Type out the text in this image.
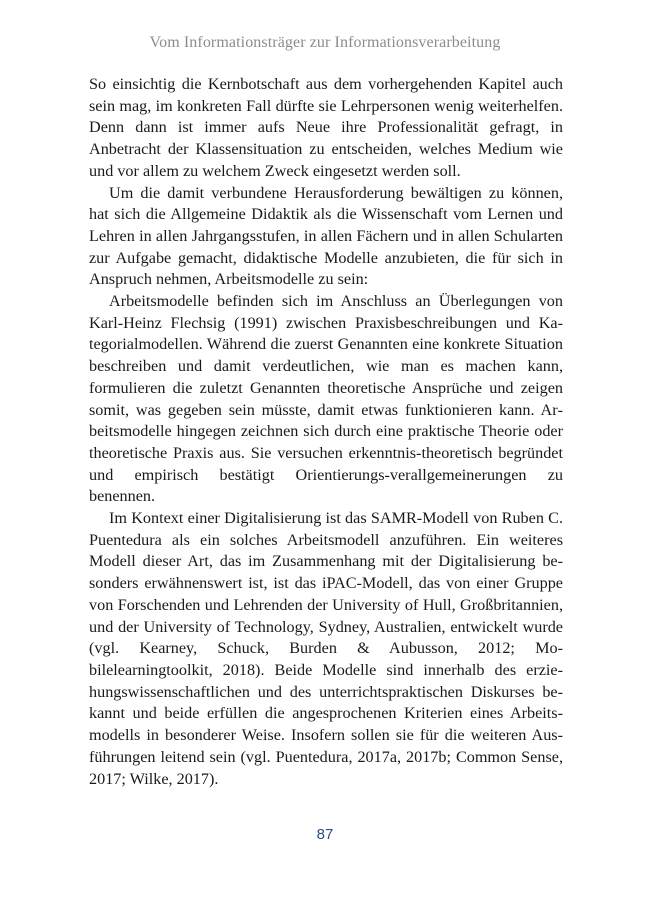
Vom Informationsträger zur Informationsverarbeitung

So einsichtig die Kernbotschaft aus dem vorhergehenden Kapitel auch sein mag, im konkreten Fall dürfte sie Lehrpersonen wenig weiterhelfen. Denn dann ist immer aufs Neue ihre Professionalität gefragt, in Anbetracht der Klassensituation zu entscheiden, welches Medium wie und vor allem zu welchem Zweck eingesetzt werden soll.

Um die damit verbundene Herausforderung bewältigen zu können, hat sich die Allgemeine Didaktik als die Wissenschaft vom Lernen und Lehren in allen Jahrgangsstufen, in allen Fächern und in allen Schularten zur Aufgabe gemacht, didaktische Modelle anzubieten, die für sich in Anspruch nehmen, Arbeitsmodelle zu sein:

Arbeitsmodelle befinden sich im Anschluss an Überlegungen von Karl-Heinz Flechsig (1991) zwischen Praxisbeschreibungen und Kategorialmodellen. Während die zuerst Genannten eine konkrete Situation beschreiben und damit verdeutlichen, wie man es machen kann, formulieren die zuletzt Genannten theoretische Ansprüche und zeigen somit, was gegeben sein müsste, damit etwas funktionieren kann. Arbeitsmodelle hingegen zeichnen sich durch eine praktische Theorie oder theoretische Praxis aus. Sie versuchen erkenntnis-theoretisch begründet und empirisch bestätigt Orientierungs-verallgemeinerungen zu benennen.

Im Kontext einer Digitalisierung ist das SAMR-Modell von Ruben C. Puentedura als ein solches Arbeitsmodell anzuführen. Ein weiteres Modell dieser Art, das im Zusammenhang mit der Digitalisierung besonders erwähnenswert ist, ist das iPAC-Modell, das von einer Gruppe von Forschenden und Lehrenden der University of Hull, Großbritannien, und der University of Technology, Sydney, Australien, entwickelt wurde (vgl. Kearney, Schuck, Burden & Aubusson, 2012; Mobilelearningtoolkit, 2018). Beide Modelle sind innerhalb des erziehungswissenschaftlichen und des unterrichtspraktischen Diskurses bekannt und beide erfüllen die angesprochenen Kriterien eines Arbeitsmodells in besonderer Weise. Insofern sollen sie für die weiteren Ausführungen leitend sein (vgl. Puentedura, 2017a, 2017b; Common Sense, 2017; Wilke, 2017).

87
